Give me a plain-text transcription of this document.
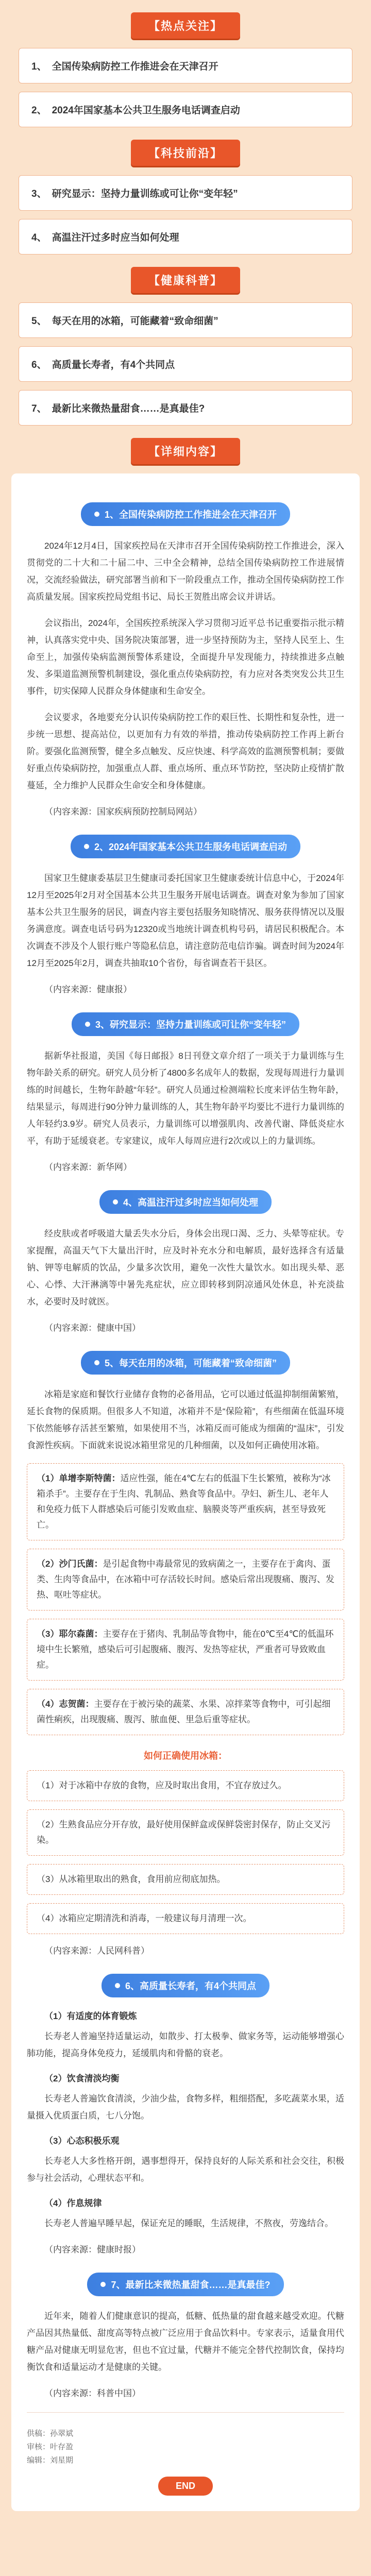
【热点关注】
1、 全国传染病防控工作推进会在天津召开
2、 2024年国家基本公共卫生服务电话调查启动
【科技前沿】
3、 研究显示：坚持力量训练或可让你“变年轻”
4、 高温注汗过多时应当如何处理
【健康科普】
5、 每天在用的冰箱，可能藏着“致命细菌”
6、 高质量长寿者，有4个共同点
7、 最新比来微热量甜食……是真最佳?
【详细内容】
1、全国传染病防控工作推进会在天津召开

2024年12月4日，国家疾控局在天津市召开全国传染病防控工作推进会，深入贯彻党的二十大和二十届二中、三中全会精神，总结全国传染病防控工作进展情况，交流经验做法，研究部署当前和下一阶段重点工作，推动全国传染病防控工作高质量发展。国家疾控局党组书记、局长王贺胜出席会议并讲话。

会议指出，2024年，全国疾控系统深入学习贯彻习近平总书记重要指示批示精神，认真落实党中央、国务院决策部署，进一步坚持预防为主，坚持人民至上、生命至上，加强传染病监测预警体系建设，全面提升早发现能力，持续推进多点触发、多渠道监测预警机制建设，强化重点传染病防控，有力应对各类突发公共卫生事件，切实保障人民群众身体健康和生命安全。

会议要求，各地要充分认识传染病防控工作的艰巨性、长期性和复杂性，进一步统一思想、提高站位，以更加有力有效的举措，推动传染病防控工作再上新台阶。要强化监测预警，健全多点触发、反应快速、科学高效的监测预警机制；要做好重点传染病防控，加强重点人群、重点场所、重点环节防控，坚决防止疫情扩散蔓延，全力维护人民群众生命安全和身体健康。

（内容来源：国家疾病预防控制局网站）

2、2024年国家基本公共卫生服务电话调查启动

国家卫生健康委基层卫生健康司委托国家卫生健康委统计信息中心，于2024年12月至2025年2月对全国基本公共卫生服务开展电话调查。调查对象为参加了国家基本公共卫生服务的居民，调查内容主要包括服务知晓情况、服务获得情况以及服务满意度。调查电话号码为12320或当地统计调查机构号码，请居民积极配合。本次调查不涉及个人银行账户等隐私信息，请注意防范电信诈骗。调查时间为2024年12月至2025年2月，调查共抽取10个省份，每省调查若干县区。

（内容来源：健康报）

3、研究显示：坚持力量训练或可让你“变年轻”

据新华社报道，美国《每日邮报》8日刊登文章介绍了一项关于力量训练与生物年龄关系的研究。研究人员分析了4800多名成年人的数据，发现每周进行力量训练的时间越长，生物年龄越“年轻”。研究人员通过检测端粒长度来评估生物年龄，结果显示，每周进行90分钟力量训练的人，其生物年龄平均要比不进行力量训练的人年轻约3.9岁。研究人员表示，力量训练可以增强肌肉、改善代谢、降低炎症水平，有助于延缓衰老。专家建议，成年人每周应进行2次或以上的力量训练。

（内容来源：新华网）

4、高温注汗过多时应当如何处理

经皮肤或者呼吸道大量丢失水分后，身体会出现口渴、乏力、头晕等症状。专家提醒，高温天气下大量出汗时，应及时补充水分和电解质，最好选择含有适量钠、钾等电解质的饮品，少量多次饮用，避免一次性大量饮水。如出现头晕、恶心、心悸、大汗淋漓等中暑先兆症状，应立即转移到阴凉通风处休息，补充淡盐水，必要时及时就医。

（内容来源：健康中国）

5、每天在用的冰箱，可能藏着“致命细菌”

冰箱是家庭和餐饮行业储存食物的必备用品，它可以通过低温抑制细菌繁殖，延长食物的保质期。但很多人不知道，冰箱并不是“保险箱”，有些细菌在低温环境下依然能够存活甚至繁殖，如果使用不当，冰箱反而可能成为细菌的“温床”，引发食源性疾病。下面就来说说冰箱里常见的几种细菌，以及如何正确使用冰箱。

（1）单增李斯特菌：适应性强，能在4℃左右的低温下生长繁殖，被称为“冰箱杀手”。主要存在于生肉、乳制品、熟食等食品中。孕妇、新生儿、老年人和免疫力低下人群感染后可能引发败血症、脑膜炎等严重疾病，甚至导致死亡。
（2）沙门氏菌：是引起食物中毒最常见的致病菌之一，主要存在于禽肉、蛋类、生肉等食品中，在冰箱中可存活较长时间。感染后常出现腹痛、腹泻、发热、呕吐等症状。
（3）耶尔森菌：主要存在于猪肉、乳制品等食物中，能在0℃至4℃的低温环境中生长繁殖，感染后可引起腹痛、腹泻、发热等症状，严重者可导致败血症。
（4）志贺菌：主要存在于被污染的蔬菜、水果、凉拌菜等食物中，可引起细菌性痢疾，出现腹痛、腹泻、脓血便、里急后重等症状。
如何正确使用冰箱：
（1）对于冰箱中存放的食物，应及时取出食用，不宜存放过久。
（2）生熟食品应分开存放，最好使用保鲜盒或保鲜袋密封保存，防止交叉污染。
（3）从冰箱里取出的熟食，食用前应彻底加热。
（4）冰箱应定期清洗和消毒，一般建议每月清理一次。

（内容来源：人民网科普）

6、高质量长寿者，有4个共同点
（1）有适度的体育锻炼

长寿老人普遍坚持适量运动，如散步、打太极拳、做家务等，运动能够增强心肺功能，提高身体免疫力，延缓肌肉和骨骼的衰老。

（2）饮食清淡均衡

长寿老人普遍饮食清淡，少油少盐，食物多样，粗细搭配，多吃蔬菜水果，适量摄入优质蛋白质，七八分饱。

（3）心态积极乐观

长寿老人大多性格开朗，遇事想得开，保持良好的人际关系和社会交往，积极参与社会活动，心理状态平和。

（4）作息规律

长寿老人普遍早睡早起，保证充足的睡眠，生活规律，不熬夜，劳逸结合。

（内容来源：健康时报）

7、最新比来微热量甜食……是真最佳?

近年来，随着人们健康意识的提高，低糖、低热量的甜食越来越受欢迎。代糖产品因其热量低、甜度高等特点被广泛应用于食品饮料中。专家表示，适量食用代糖产品对健康无明显危害，但也不宜过量，代糖并不能完全替代控制饮食，保持均衡饮食和适量运动才是健康的关键。

（内容来源：科普中国）

供稿：孙翠斌
审核：叶存盈
编辑：刘星期
END
